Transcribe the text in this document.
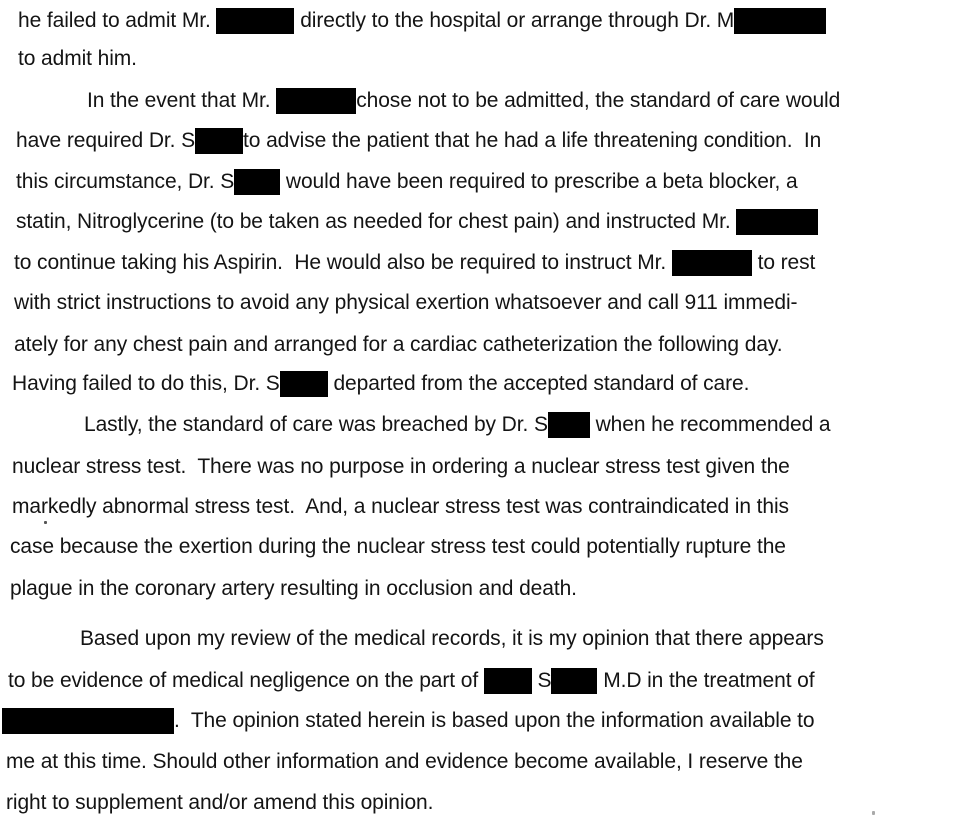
he failed to admit Mr.	directly to the hospital or arrange through Dr. M
to admit him.
In the event that Mr.	chose not to be admitted, the standard of care would
have required Dr. S to advise the patient that he had a life threatening condition.  In
this circumstance, Dr. S would have been required to prescribe a beta blocker, a
statin, Nitroglycerine (to be taken as needed for chest pain) and instructed Mr.
to continue taking his Aspirin.  He would also be required to instruct Mr.	to rest
with strict instructions to avoid any physical exertion whatsoever and call 911 immedi-
ately for any chest pain and arranged for a cardiac catheterization the following day.
Having failed to do this, Dr. S departed from the accepted standard of care.
Lastly, the standard of care was breached by Dr. S when he recommended a
nuclear stress test.  There was no purpose in ordering a nuclear stress test given the
markedly abnormal stress test.  And, a nuclear stress test was contraindicated in this
case because the exertion during the nuclear stress test could potentially rupture the
plague in the coronary artery resulting in occlusion and death.
Based upon my review of the medical records, it is my opinion that there appears
to be evidence of medical negligence on the part of  S M.D in the treatment of
.  The opinion stated herein is based upon the information available to
me at this time. Should other information and evidence become available, I reserve the
right to supplement and/or amend this opinion.
